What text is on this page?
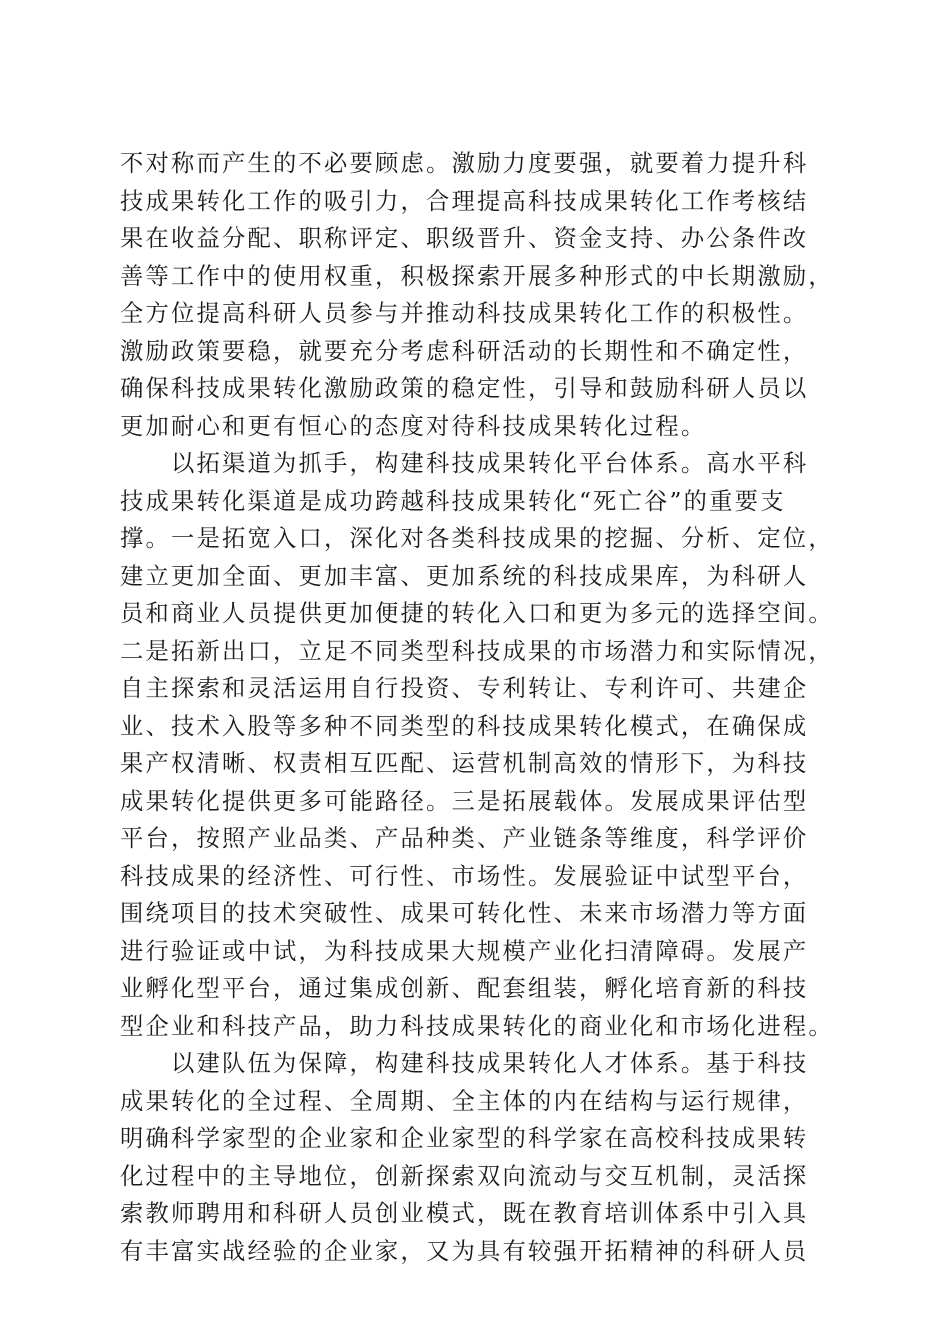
不对称而产生的不必要顾虑。激励力度要强，就要着力提升科
技成果转化工作的吸引力，合理提高科技成果转化工作考核结
果在收益分配、职称评定、职级晋升、资金支持、办公条件改
善等工作中的使用权重，积极探索开展多种形式的中长期激励，
全方位提高科研人员参与并推动科技成果转化工作的积极性。
激励政策要稳，就要充分考虑科研活动的长期性和不确定性，
确保科技成果转化激励政策的稳定性，引导和鼓励科研人员以
更加耐心和更有恒心的态度对待科技成果转化过程。
　　以拓渠道为抓手，构建科技成果转化平台体系。高水平科
技成果转化渠道是成功跨越科技成果转化“死亡谷”的重要支
撑。一是拓宽入口，深化对各类科技成果的挖掘、分析、定位，
建立更加全面、更加丰富、更加系统的科技成果库，为科研人
员和商业人员提供更加便捷的转化入口和更为多元的选择空间。
二是拓新出口，立足不同类型科技成果的市场潜力和实际情况，
自主探索和灵活运用自行投资、专利转让、专利许可、共建企
业、技术入股等多种不同类型的科技成果转化模式，在确保成
果产权清晰、权责相互匹配、运营机制高效的情形下，为科技
成果转化提供更多可能路径。三是拓展载体。发展成果评估型
平台，按照产业品类、产品种类、产业链条等维度，科学评价
科技成果的经济性、可行性、市场性。发展验证中试型平台，
围绕项目的技术突破性、成果可转化性、未来市场潜力等方面
进行验证或中试，为科技成果大规模产业化扫清障碍。发展产
业孵化型平台，通过集成创新、配套组装，孵化培育新的科技
型企业和科技产品，助力科技成果转化的商业化和市场化进程。
　　以建队伍为保障，构建科技成果转化人才体系。基于科技
成果转化的全过程、全周期、全主体的内在结构与运行规律，
明确科学家型的企业家和企业家型的科学家在高校科技成果转
化过程中的主导地位，创新探索双向流动与交互机制，灵活探
索教师聘用和科研人员创业模式，既在教育培训体系中引入具
有丰富实战经验的企业家，又为具有较强开拓精神的科研人员
